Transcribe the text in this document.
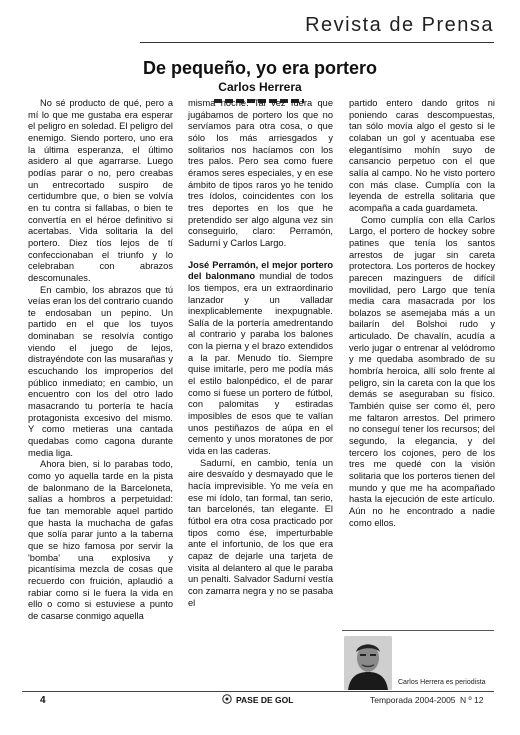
Revista de Prensa
De pequeño, yo era portero
Carlos Herrera

No sé producto de qué, pero a mí lo que me gustaba era esperar el peligro en soledad. El peligro del enemigo. Siendo portero, uno era la última esperanza, el último asidero al que agarrarse. Luego podías parar o no, pero creabas un entrecortado suspiro de certidumbre que, o bien se volvía en tu contra si fallabas, o bien te convertía en el héroe definitivo si acertabas. Vida solitaria la del portero. Diez tíos lejos de tí confeccionaban el triunfo y lo celebraban con abrazos descomunales.

En cambio, los abrazos que tú veías eran los del contrario cuando te endosaban un pepino. Un partido en el que los tuyos dominaban se resolvía contigo viendo el juego de lejos, distrayéndote con las musarañas y escuchando los improperios del público inmediato; en cambio, un encuentro con los del otro lado masacrando tu portería te hacía protagonista excesivo del mismo. Y como metieras una cantada quedabas como cagona durante media liga.

Ahora bien, si lo parabas todo, como yo aquella tarde en la pista de balonmano de la Barceloneta, salías a hombros a perpetuidad: fue tan memorable aquel partido que hasta la muchacha de gafas que solía parar junto a la taberna que se hizo famosa por servir la 'bomba' una explosiva y picantísima mezcla de cosas que recuerdo con fruición, aplaudió a rabiar como si le fuera la vida en ello o como si estuviese a punto de casarse conmigo aquella

misma noche. Tal vez fuera que jugábamos de portero los que no servíamos para otra cosa, o que sólo los más arriesgados y solitarios nos hacíamos con los tres palos. Pero sea como fuere éramos seres especiales, y en ese ámbito de tipos raros yo he tenido tres ídolos, coincidentes con los tres deportes en los que he pretendido ser algo alguna vez sin conseguirlo, claro: Perramón, Sadurní y Carlos Largo.

José Perramón, el mejor portero del balonmano mundial de todos los tiempos, era un extraordinario lanzador y un valladar inexplicablemente inexpugnable. Salía de la portería amedrentando al contrario y paraba los balones con la pierna y el brazo extendidos a la par. Menudo tío. Siempre quise imitarle, pero me podía más el estilo balonpédico, el de parar como si fuese un portero de fútbol, con palomitas y estiradas imposibles de esos que te valían unos pestiñazos de aúpa en el cemento y unos moratones de por vida en las caderas.

Sadurní, en cambio, tenía un aire desvaído y desmayado que le hacía imprevisible. Yo me veía en ese mi ídolo, tan formal, tan serio, tan barcelonés, tan elegante. El fútbol era otra cosa practicado por tipos como ése, imperturbable ante el infortunio, de los que era capaz de dejarle una tarjeta de visita al delantero al que le paraba un penalti. Salvador Sadurní vestía con zamarra negra y no se pasaba el

partido entero dando gritos ni poniendo caras descompuestas, tan sólo movía algo el gesto si le colaban un gol y acentuaba ese elegantísimo mohín suyo de cansancio perpetuo con el que salía al campo. No he visto portero con más clase. Cumplía con la leyenda de estrella solitaria que acompaña a cada guardameta.

Como cumplía con ella Carlos Largo, el portero de hockey sobre patines que tenía los santos arrestos de jugar sin careta protectora. Los porteros de hockey parecen mazinguers de difícil movilidad, pero Largo que tenía media cara masacrada por los bolazos se asemejaba más a un bailarín del Bolshoi rudo y articulado. De chavalín, acudía a verlo jugar o entrenar al velódromo y me quedaba asombrado de su hombría heroica, allí solo frente al peligro, sin la careta con la que los demás se aseguraban su físico. También quise ser como él, pero me faltaron arrestos. Del primero no conseguí tener los recursos; del segundo, la elegancia, y del tercero los cojones, pero de los tres me quedé con la visión solitaria que los porteros tienen del mundo y que me ha acompañado hasta la ejecución de este artículo. Aún no he encontrado a nadie como ellos.

Carlos Herrera es periodista
4	PASE DE GOL	Temporada 2004-2005 N º 12
